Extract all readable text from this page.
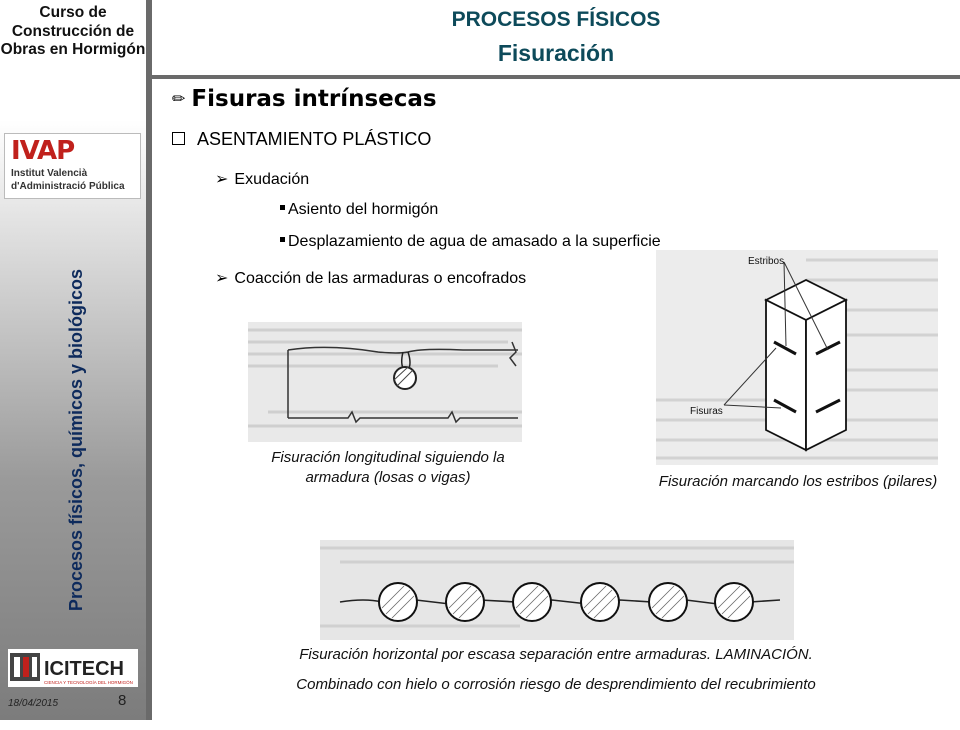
Curso de Construcción de Obras en Hormigón
IVAP
Institut Valencià
d'Administració Pública
Procesos físicos, químicos y biológicos
ICITECH
CIENCIA Y TECNOLOGÍA DEL HORMIGÓN
18/04/2015	8
PROCESOS FÍSICOS
Fisuración
✏ Fisuras intrínsecas
ASENTAMIENTO PLÁSTICO
➢ Exudación
Asiento del hormigón
Desplazamiento de agua de amasado a la superficie
➢ Coacción de las armaduras o encofrados
Fisuración longitudinal siguiendo la armadura (losas o vigas)
Estribos
Fisuras
Fisuración marcando los estribos (pilares)
Fisuración horizontal por escasa separación entre armaduras. LAMINACIÓN.
Combinado con hielo o corrosión riesgo de desprendimiento del recubrimiento
